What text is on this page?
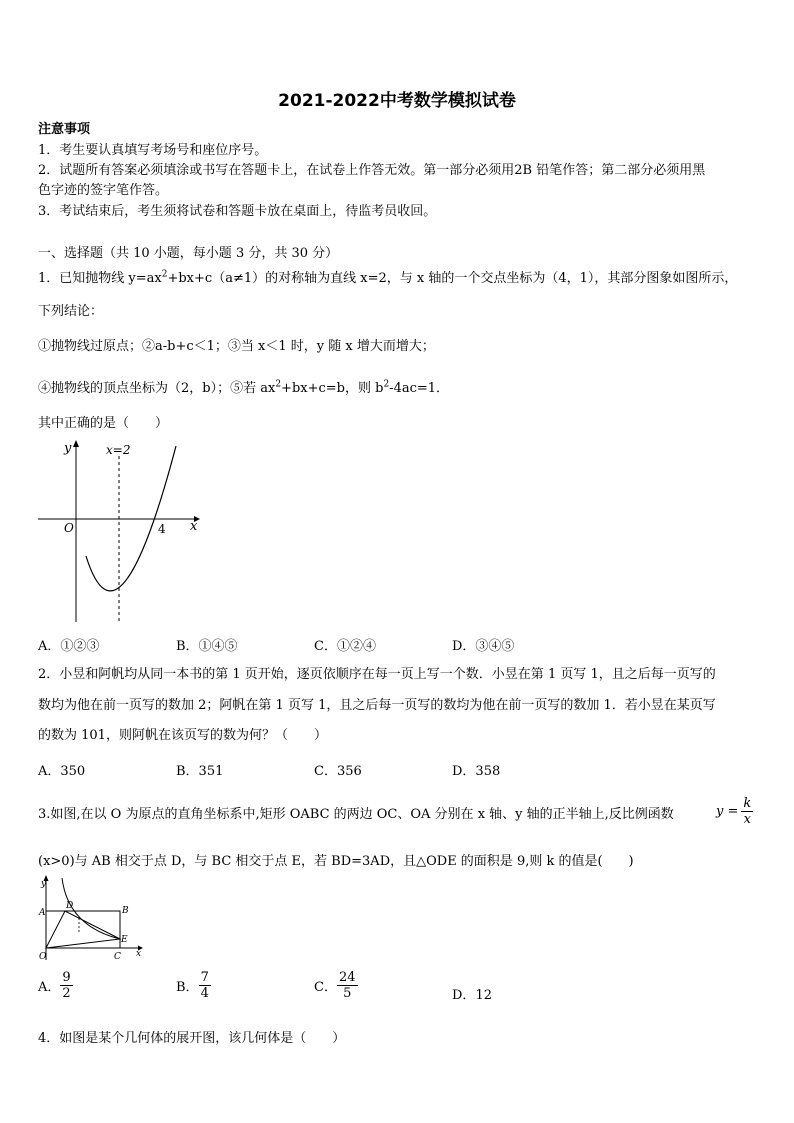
2021-2022中考数学模拟试卷
注意事项
1．考生要认真填写考场号和座位序号。
2．试题所有答案必须填涂或书写在答题卡上，在试卷上作答无效。第一部分必须用2B 铅笔作答；第二部分必须用黑
色字迹的签字笔作答。
3．考试结束后，考生须将试卷和答题卡放在桌面上，待监考员收回。
一、选择题（共 10 小题，每小题 3 分，共 30 分）
1．已知抛物线 $y=ax^2+bx+c(a\ne 1)$的对称轴为直线 x=2，与 x 轴的一个交点坐标为（4，1），其部分图象如图所示，
下列结论：
①抛物线过原点；②a-b+c＜1；③当 x＜1 时，y 随 x 增大而增大；
④抛物线的顶点坐标为（2，b）；⑤若 $ax^2+bx+c=b$，则 $b^2-4ac=1$．
其中正确的是（　　）
y	x=2
O	4 x
A．①②③	B．①④⑤	C．①②④	D．③④⑤
2．小昱和阿帆均从同一本书的第 1 页开始，逐页依顺序在每一页上写一个数．小昱在第 1 页写 1，且之后每一页写的
数均为他在前一页写的数加 2；阿帆在第 1 页写 1，且之后每一页写的数均为他在前一页写的数加 1．若小昱在某页写
的数为 101，则阿帆在该页写的数为何？（　　）
A．350	B．351	C．356	D．358
3.如图,在以 O 为原点的直角坐标系中,矩形 OABC 的两边 OC、OA 分别在 x 轴、y 轴的正半轴上,反比例函数	$y = \frac{k}{x}$
(x>0)与 AB 相交于点 D，与 BC 相交于点 E，若 BD=3AD，且△ODE 的面积是 9,则 k 的值是(　　)
y
A
D	B
E
O	C x
A． $\frac{9}{2}$	B． $\frac{7}{4}$	C． $\frac{24}{5}$	D．12
4．如图是某个几何体的展开图，该几何体是（　　）
